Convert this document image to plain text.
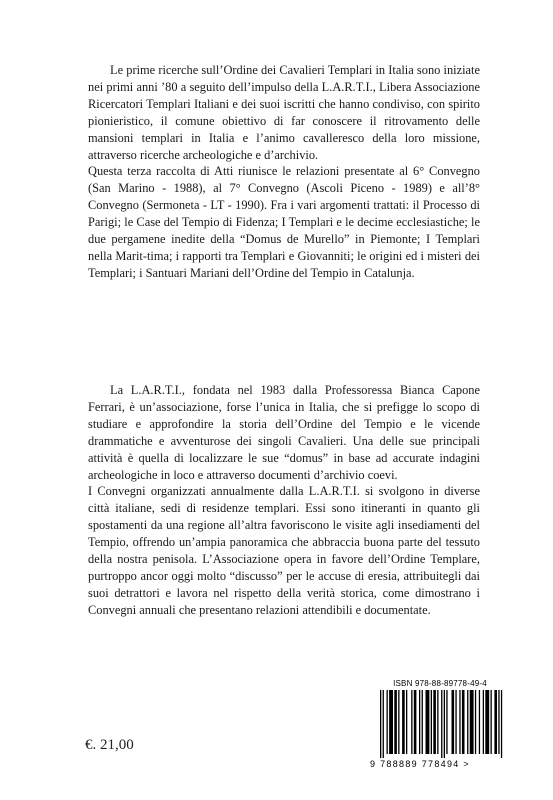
Le prime ricerche sull’Ordine dei Cavalieri Templari in Italia sono iniziate nei primi anni ’80 a seguito dell’impulso della L.A.R.T.I., Libera Associazione Ricercatori Templari Italiani e dei suoi iscritti che hanno condiviso, con spirito pionieristico, il comune obiettivo di far conoscere il ritrovamento delle mansioni templari in Italia e l’animo cavalleresco della loro missione, attraverso ricerche archeologiche e d’archivio.

Questa terza raccolta di Atti riunisce le relazioni presentate al 6° Convegno (San Marino - 1988), al 7° Convegno (Ascoli Piceno - 1989) e all’8° Convegno (Sermoneta - LT - 1990). Fra i vari argomenti trattati: il Processo di Parigi; le Case del Tempio di Fidenza; I Templari e le decime ecclesiastiche; le due pergamene inedite della “Domus de Murello” in Piemonte; I Templari nella Marit-tima; i rapporti tra Templari e Giovanniti; le origini ed i misteri dei Templari; i Santuari Mariani dell’Ordine del Tempio in Catalunja.

La L.A.R.T.I., fondata nel 1983 dalla Professoressa Bianca Capone Ferrari, è un’associazione, forse l’unica in Italia, che si prefigge lo scopo di studiare e approfondire la storia dell’Ordine del Tempio e le vicende drammatiche e avventurose dei singoli Cavalieri. Una delle sue principali attività è quella di localizzare le sue “domus” in base ad accurate indagini archeologiche in loco e attraverso documenti d’archivio coevi.

I Convegni organizzati annualmente dalla L.A.R.T.I. si svolgono in diverse città italiane, sedi di residenze templari. Essi sono itineranti in quanto gli spostamenti da una regione all’altra favoriscono le visite agli insediamenti del Tempio, offrendo un’ampia panoramica che abbraccia buona parte del tessuto della nostra penisola. L’Associazione opera in favore dell’Ordine Templare, purtroppo ancor oggi molto “discusso” per le accuse di eresia, attribuitegli dai suoi detrattori e lavora nel rispetto della verità storica, come dimostrano i Convegni annuali che presentano relazioni attendibili e documentate.

€. 21,00
ISBN 978-88-89778-49-4
9 788889 778494 >
